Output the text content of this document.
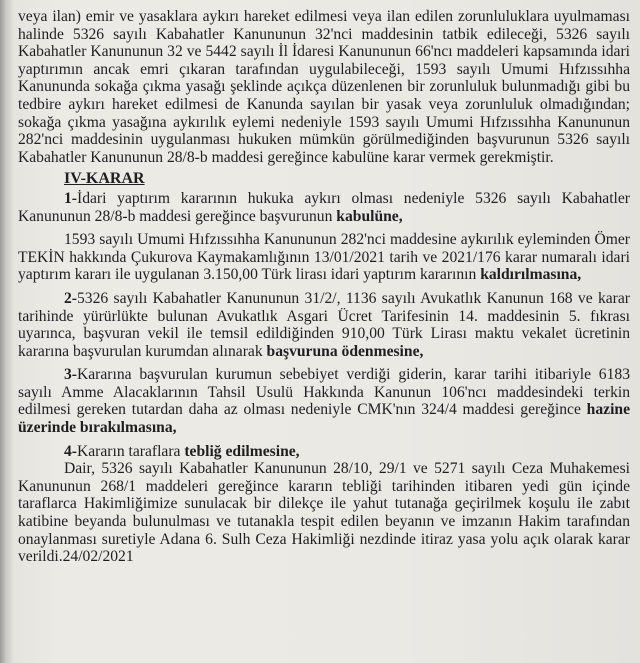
veya ilan) emir ve yasaklara aykırı hareket edilmesi veya ilan edilen zorunluluklara uyulmaması halinde 5326 sayılı Kabahatler Kanununun 32'nci maddesinin tatbik edileceği, 5326 sayılı Kabahatler Kanununun 32 ve 5442 sayılı İl İdaresi Kanununun 66'ncı maddeleri kapsamında idari yaptırımın ancak emri çıkaran tarafından uygulabileceği, 1593 sayılı Umumi Hıfzıssıhha Kanununda sokağa çıkma yasağı şeklinde açıkça düzenlenen bir zorunluluk bulunmadığı gibi bu tedbire aykırı hareket edilmesi de Kanunda sayılan bir yasak veya zorunluluk olmadığından; sokağa çıkma yasağına aykırılık eylemi nedeniyle 1593 sayılı Umumi Hıfzıssıhha Kanununun 282'nci maddesinin uygulanması hukuken mümkün görülmediğinden başvurunun 5326 sayılı Kabahatler Kanununun 28/8-b maddesi gereğince kabulüne karar vermek gerekmiştir.

IV-KARAR

1-İdari yaptırım kararının hukuka aykırı olması nedeniyle 5326 sayılı Kabahatler Kanununun 28/8-b maddesi gereğince başvurunun kabulüne,

1593 sayılı Umumi Hıfzıssıhha Kanununun 282'nci maddesine aykırılık eyleminden Ömer TEKİN hakkında Çukurova Kaymakamlığının 13/01/2021 tarih ve 2021/176 karar numaralı idari yaptırım kararı ile uygulanan 3.150,00 Türk lirası idari yaptırım kararının kaldırılmasına,

2-5326 sayılı Kabahatler Kanununun 31/2/, 1136 sayılı Avukatlık Kanunun 168 ve karar tarihinde yürürlükte bulunan Avukatlık Asgari Ücret Tarifesinin 14. maddesinin 5. fıkrası uyarınca, başvuran vekil ile temsil edildiğinden 910,00 Türk Lirası maktu vekalet ücretinin kararına başvurulan kurumdan alınarak başvuruna ödenmesine,

3-Kararına başvurulan kurumun sebebiyet verdiği giderin, karar tarihi itibariyle 6183 sayılı Amme Alacaklarının Tahsil Usulü Hakkında Kanunun 106'ncı maddesindeki terkin edilmesi gereken tutardan daha az olması nedeniyle CMK'nın 324/4 maddesi gereğince hazine üzerinde bırakılmasına,

4-Kararın taraflara tebliğ edilmesine,

Dair, 5326 sayılı Kabahatler Kanununun 28/10, 29/1 ve 5271 sayılı Ceza Muhakemesi Kanununun 268/1 maddeleri gereğince kararın tebliği tarihinden itibaren yedi gün içinde taraflarca Hakimliğimize sunulacak bir dilekçe ile yahut tutanağa geçirilmek koşulu ile zabıt katibine beyanda bulunulması ve tutanakla tespit edilen beyanın ve imzanın Hakim tarafından onaylanması suretiyle Adana 6. Sulh Ceza Hakimliği nezdinde itiraz yasa yolu açık olarak karar verildi.24/02/2021
